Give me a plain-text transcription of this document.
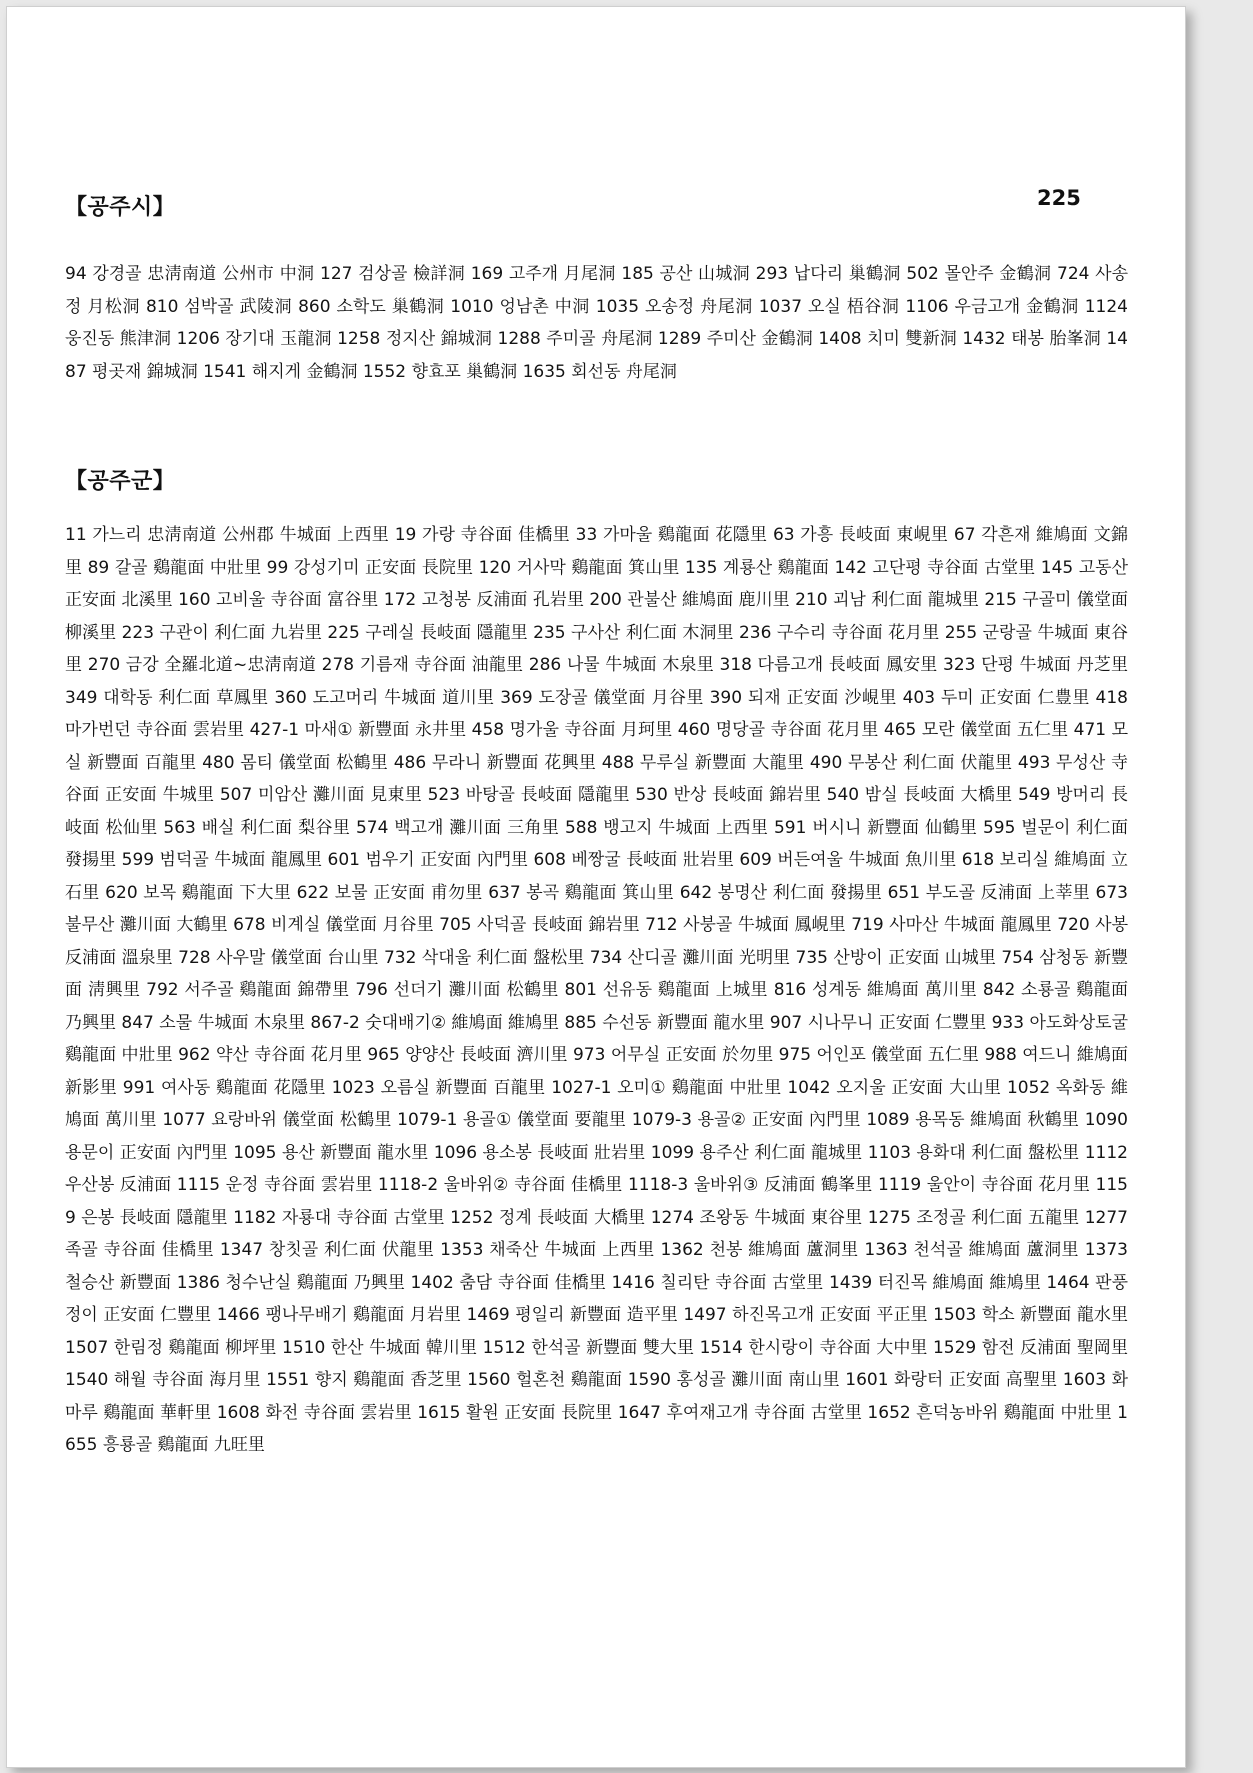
【공주시】	225

94 강경골 忠淸南道 公州市 中洞 127 검상골 檢詳洞 169 고주개 月尾洞 185 공산 山城洞 293 납다리 巢鶴洞 502 몰안주 金鶴洞 724 사송정 月松洞 810 섬박골 武陵洞 860 소학도 巢鶴洞 1010 엉남촌 中洞 1035 오송정 舟尾洞 1037 오실 梧谷洞 1106 우금고개 金鶴洞 1124 웅진동 熊津洞 1206 장기대 玉龍洞 1258 정지산 錦城洞 1288 주미골 舟尾洞 1289 주미산 金鶴洞 1408 치미 雙新洞 1432 태봉 胎峯洞 1487 평곳재 錦城洞 1541 해지게 金鶴洞 1552 향효포 巢鶴洞 1635 회선동 舟尾洞

【공주군】

11 가느리 忠淸南道 公州郡 牛城面 上西里 19 가랑 寺谷面 佳橋里 33 가마울 鷄龍面 花隱里 63 가흥 長岐面 東峴里 67 각흔재 維鳩面 文錦里 89 갈골 鷄龍面 中壯里 99 강성기미 正安面 長院里 120 거사막 鷄龍面 箕山里 135 계룡산 鷄龍面 142 고단평 寺谷面 古堂里 145 고동산 正安面 北溪里 160 고비울 寺谷面 富谷里 172 고청봉 反浦面 孔岩里 200 관불산 維鳩面 鹿川里 210 괴남 利仁面 龍城里 215 구골미 儀堂面 柳溪里 223 구관이 利仁面 九岩里 225 구레실 長岐面 隱龍里 235 구사산 利仁面 木洞里 236 구수리 寺谷面 花月里 255 군랑골 牛城面 東谷里 270 금강 全羅北道~忠淸南道 278 기름재 寺谷面 油龍里 286 나물 牛城面 木泉里 318 다름고개 長岐面 鳳安里 323 단평 牛城面 丹芝里 349 대학동 利仁面 草鳳里 360 도고머리 牛城面 道川里 369 도장골 儀堂面 月谷里 390 되재 正安面 沙峴里 403 두미 正安面 仁豊里 418 마가번던 寺谷面 雲岩里 427-1 마새① 新豐面 永井里 458 명가울 寺谷面 月珂里 460 명당골 寺谷面 花月里 465 모란 儀堂面 五仁里 471 모실 新豐面 百龍里 480 몸티 儀堂面 松鶴里 486 무라니 新豐面 花興里 488 무루실 新豐面 大龍里 490 무봉산 利仁面 伏龍里 493 무성산 寺谷面 正安面 牛城里 507 미암산 灘川面 見東里 523 바탕골 長岐面 隱龍里 530 반상 長岐面 錦岩里 540 밤실 長岐面 大橋里 549 방머리 長岐面 松仙里 563 배실 利仁面 梨谷里 574 백고개 灘川面 三角里 588 뱅고지 牛城面 上西里 591 버시니 新豐面 仙鶴里 595 벌문이 利仁面 發揚里 599 범덕골 牛城面 龍鳳里 601 범우기 正安面 內門里 608 베짱굴 長岐面 壯岩里 609 버든여울 牛城面 魚川里 618 보리실 維鳩面 立石里 620 보목 鷄龍面 下大里 622 보물 正安面 甫勿里 637 봉곡 鷄龍面 箕山里 642 봉명산 利仁面 發揚里 651 부도골 反浦面 上莘里 673 불무산 灘川面 大鶴里 678 비계실 儀堂面 月谷里 705 사덕골 長岐面 錦岩里 712 사붕골 牛城面 鳳峴里 719 사마산 牛城面 龍鳳里 720 사봉 反浦面 溫泉里 728 사우말 儀堂面 台山里 732 삭대울 利仁面 盤松里 734 산디골 灘川面 光明里 735 산방이 正安面 山城里 754 삼청동 新豐面 淸興里 792 서주골 鷄龍面 錦帶里 796 선더기 灘川面 松鶴里 801 선유동 鷄龍面 上城里 816 성계동 維鳩面 萬川里 842 소룡골 鷄龍面 乃興里 847 소물 牛城面 木泉里 867-2 숫대배기② 維鳩面 維鳩里 885 수선동 新豐面 龍水里 907 시나무니 正安面 仁豐里 933 아도화상토굴 鷄龍面 中壯里 962 약산 寺谷面 花月里 965 양양산 長岐面 濟川里 973 어무실 正安面 於勿里 975 어인포 儀堂面 五仁里 988 여드니 維鳩面 新影里 991 여사동 鷄龍面 花隱里 1023 오름실 新豐面 百龍里 1027-1 오미① 鷄龍面 中壯里 1042 오지울 正安面 大山里 1052 옥화동 維鳩面 萬川里 1077 요랑바위 儀堂面 松鶴里 1079-1 용골① 儀堂面 要龍里 1079-3 용골② 正安面 內門里 1089 용목동 維鳩面 秋鶴里 1090 용문이 正安面 內門里 1095 용산 新豐面 龍水里 1096 용소봉 長岐面 壯岩里 1099 용주산 利仁面 龍城里 1103 용화대 利仁面 盤松里 1112 우산봉 反浦面 1115 운정 寺谷面 雲岩里 1118-2 울바위② 寺谷面 佳橋里 1118-3 울바위③ 反浦面 鶴峯里 1119 울안이 寺谷面 花月里 1159 은봉 長岐面 隱龍里 1182 자룡대 寺谷面 古堂里 1252 정계 長岐面 大橋里 1274 조왕동 牛城面 東谷里 1275 조정골 利仁面 五龍里 1277 족골 寺谷面 佳橋里 1347 창칫골 利仁面 伏龍里 1353 채죽산 牛城面 上西里 1362 천봉 維鳩面 蘆洞里 1363 천석골 維鳩面 蘆洞里 1373 철승산 新豐面 1386 청수난실 鷄龍面 乃興里 1402 춤담 寺谷面 佳橋里 1416 칠리탄 寺谷面 古堂里 1439 터진목 維鳩面 維鳩里 1464 판풍정이 正安面 仁豐里 1466 팽나무배기 鷄龍面 月岩里 1469 평일리 新豐面 造平里 1497 하진목고개 正安面 平正里 1503 학소 新豐面 龍水里 1507 한림정 鷄龍面 柳坪里 1510 한산 牛城面 韓川里 1512 한석골 新豐面 雙大里 1514 한시랑이 寺谷面 大中里 1529 함전 反浦面 聖岡里 1540 해월 寺谷面 海月里 1551 향지 鷄龍面 香芝里 1560 헐혼천 鷄龍面 1590 홍성골 灘川面 南山里 1601 화랑터 正安面 高聖里 1603 화마루 鷄龍面 華軒里 1608 화전 寺谷面 雲岩里 1615 활원 正安面 長院里 1647 후여재고개 寺谷面 古堂里 1652 흔덕농바위 鷄龍面 中壯里 1655 흥룡골 鷄龍面 九旺里
